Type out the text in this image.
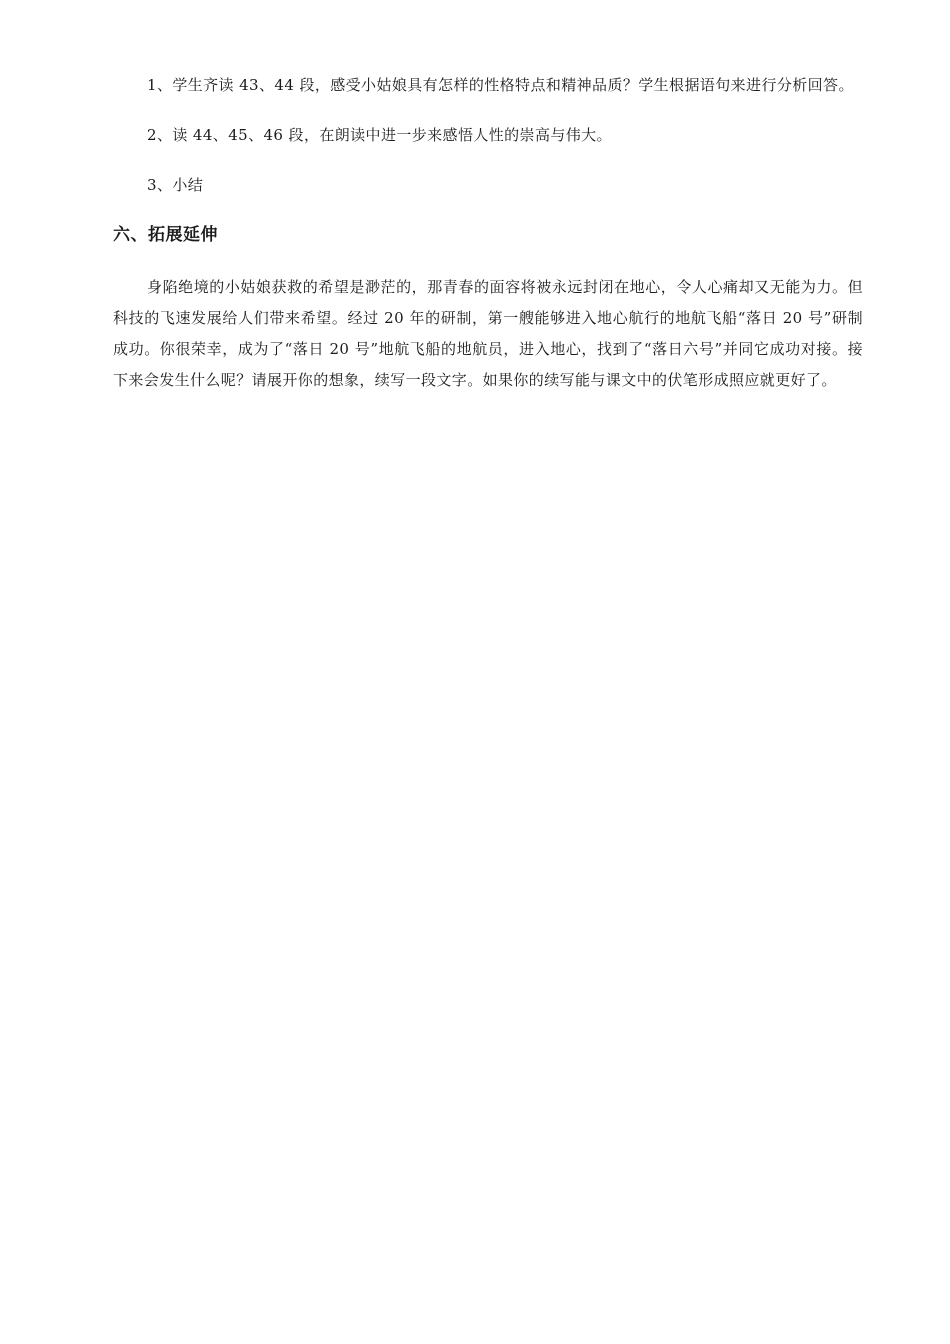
1、学生齐读 43、44 段，感受小姑娘具有怎样的性格特点和精神品质？学生根据语句来进行分析回答。

2、读 44、45、46 段，在朗读中进一步来感悟人性的崇高与伟大。

3、小结

六、拓展延伸

身陷绝境的小姑娘获救的希望是渺茫的，那青春的面容将被永远封闭在地心，令人心痛却又无能为力。但科技的飞速发展给人们带来希望。经过 20 年的研制，第一艘能够进入地心航行的地航飞船“落日 20 号”研制成功。你很荣幸，成为了“落日 20 号”地航飞船的地航员，进入地心，找到了“落日六号”并同它成功对接。接下来会发生什么呢？请展开你的想象，续写一段文字。如果你的续写能与课文中的伏笔形成照应就更好了。
